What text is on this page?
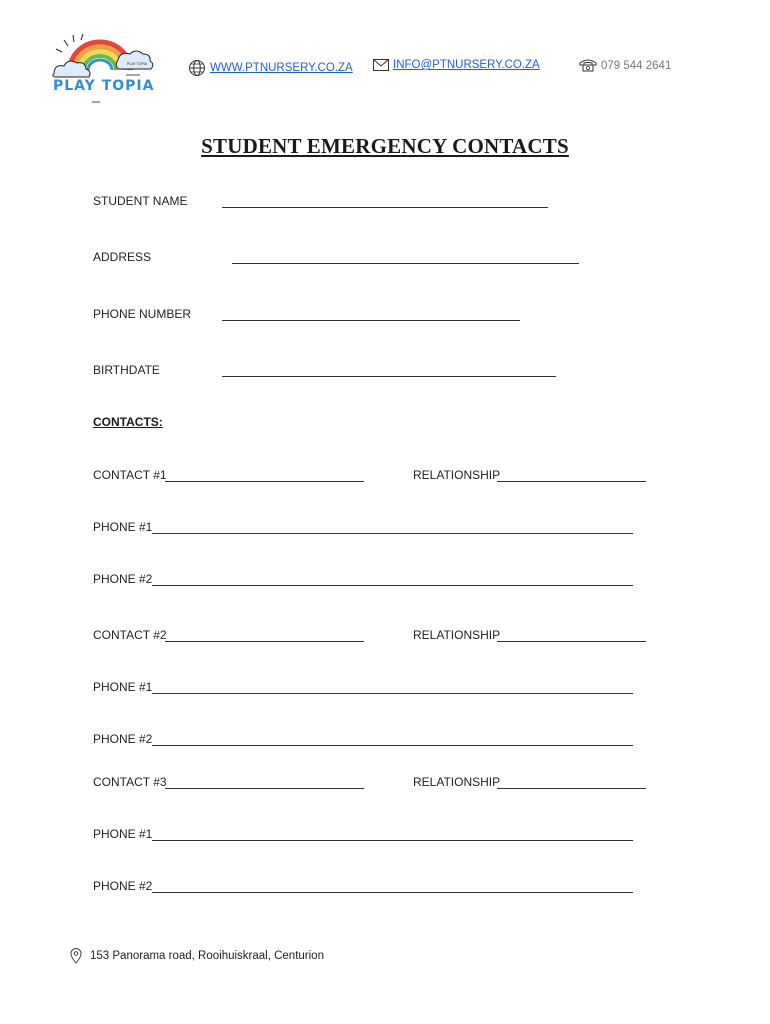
PLAY TOPIA
PLAY TOPIA
WWW.PTNURSERY.CO.ZA	INFO@PTNURSERY.CO.ZA	079 544 2641
STUDENT EMERGENCY CONTACTS
STUDENT NAME
ADDRESS
PHONE NUMBER
BIRTHDATE
CONTACTS:
CONTACT #1	RELATIONSHIP
PHONE #1
PHONE #2
CONTACT #2	RELATIONSHIP
PHONE #1
PHONE #2
CONTACT #3	RELATIONSHIP
PHONE #1
PHONE #2
153 Panorama road, Rooihuiskraal, Centurion
